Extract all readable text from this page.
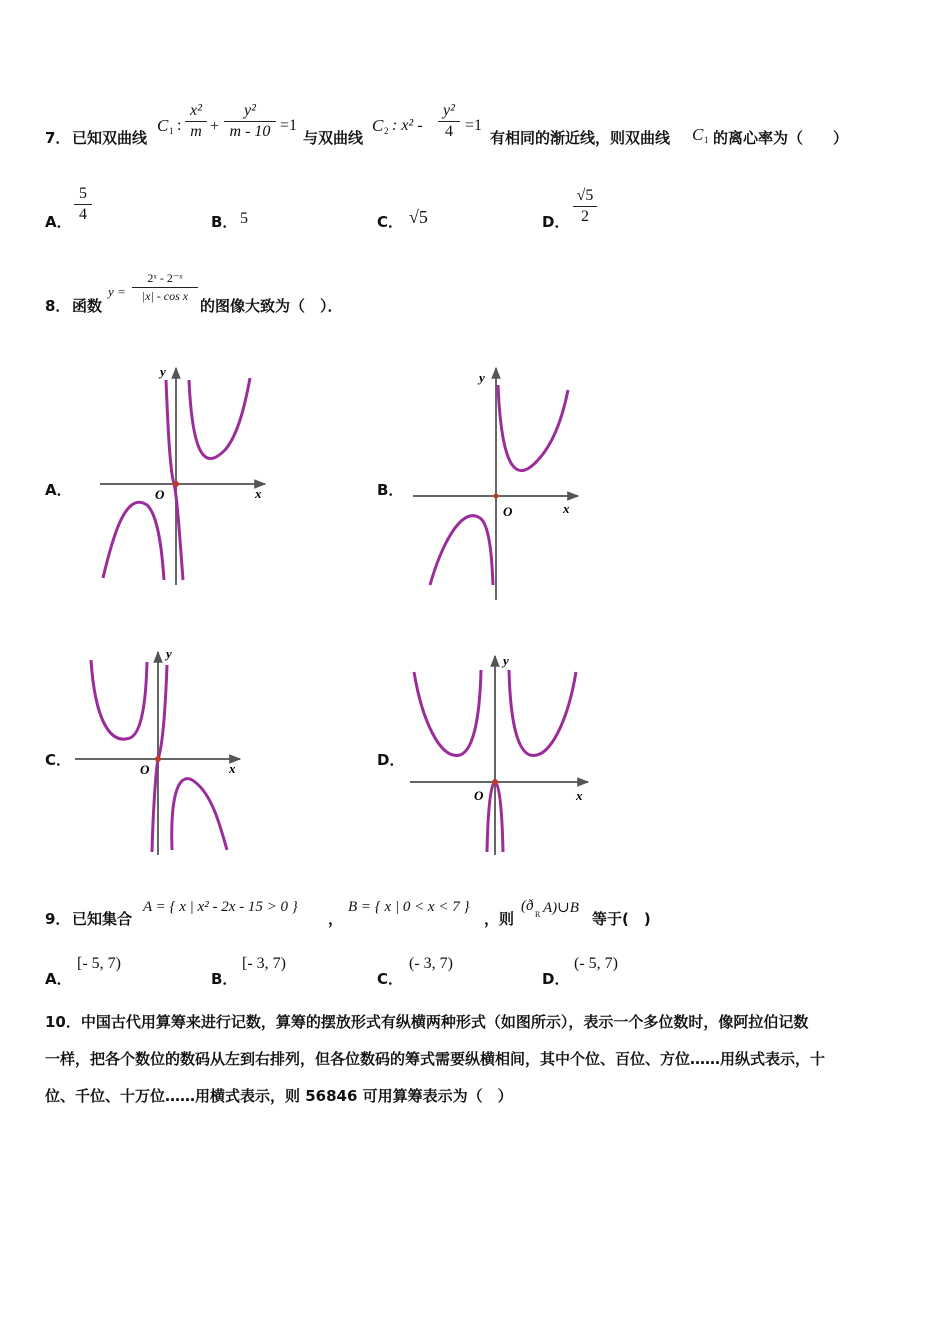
7． 已知双曲线
C 1 :
x²
m +
y²
m - 10 =1
与双曲线
C 2 : x² -
y²
4 =1
有相同的渐近线，则双曲线 C 1 的离心率为（　　）
A．
5
4	B． 5	C． √5	D．
√5
2
8． 函数
y =
2ˣ - 2⁻ˣ
|x| - cos x
的图像大致为（　）．
A．	B．
C．	D．
O	x
y
O	x
y
O	x
y
O	x
y
9． 已知集合
A = { x | x² - 2x - 15 > 0 }
，
B = { x | 0 < x < 7 }
，则
(ð
R A)∪B
等于(　)
A．
[- 5, 7)
B．
[- 3, 7)
C．
(- 3, 7)
D．
(- 5, 7)
10．中国古代用算筹来进行记数，算筹的摆放形式有纵横两种形式（如图所示），表示一个多位数时，像阿拉伯记数
一样，把各个数位的数码从左到右排列，但各位数码的筹式需要纵横相间，其中个位、百位、方位……用纵式表示，十
位、千位、十万位……用横式表示，则 56846 可用算筹表示为（　）
